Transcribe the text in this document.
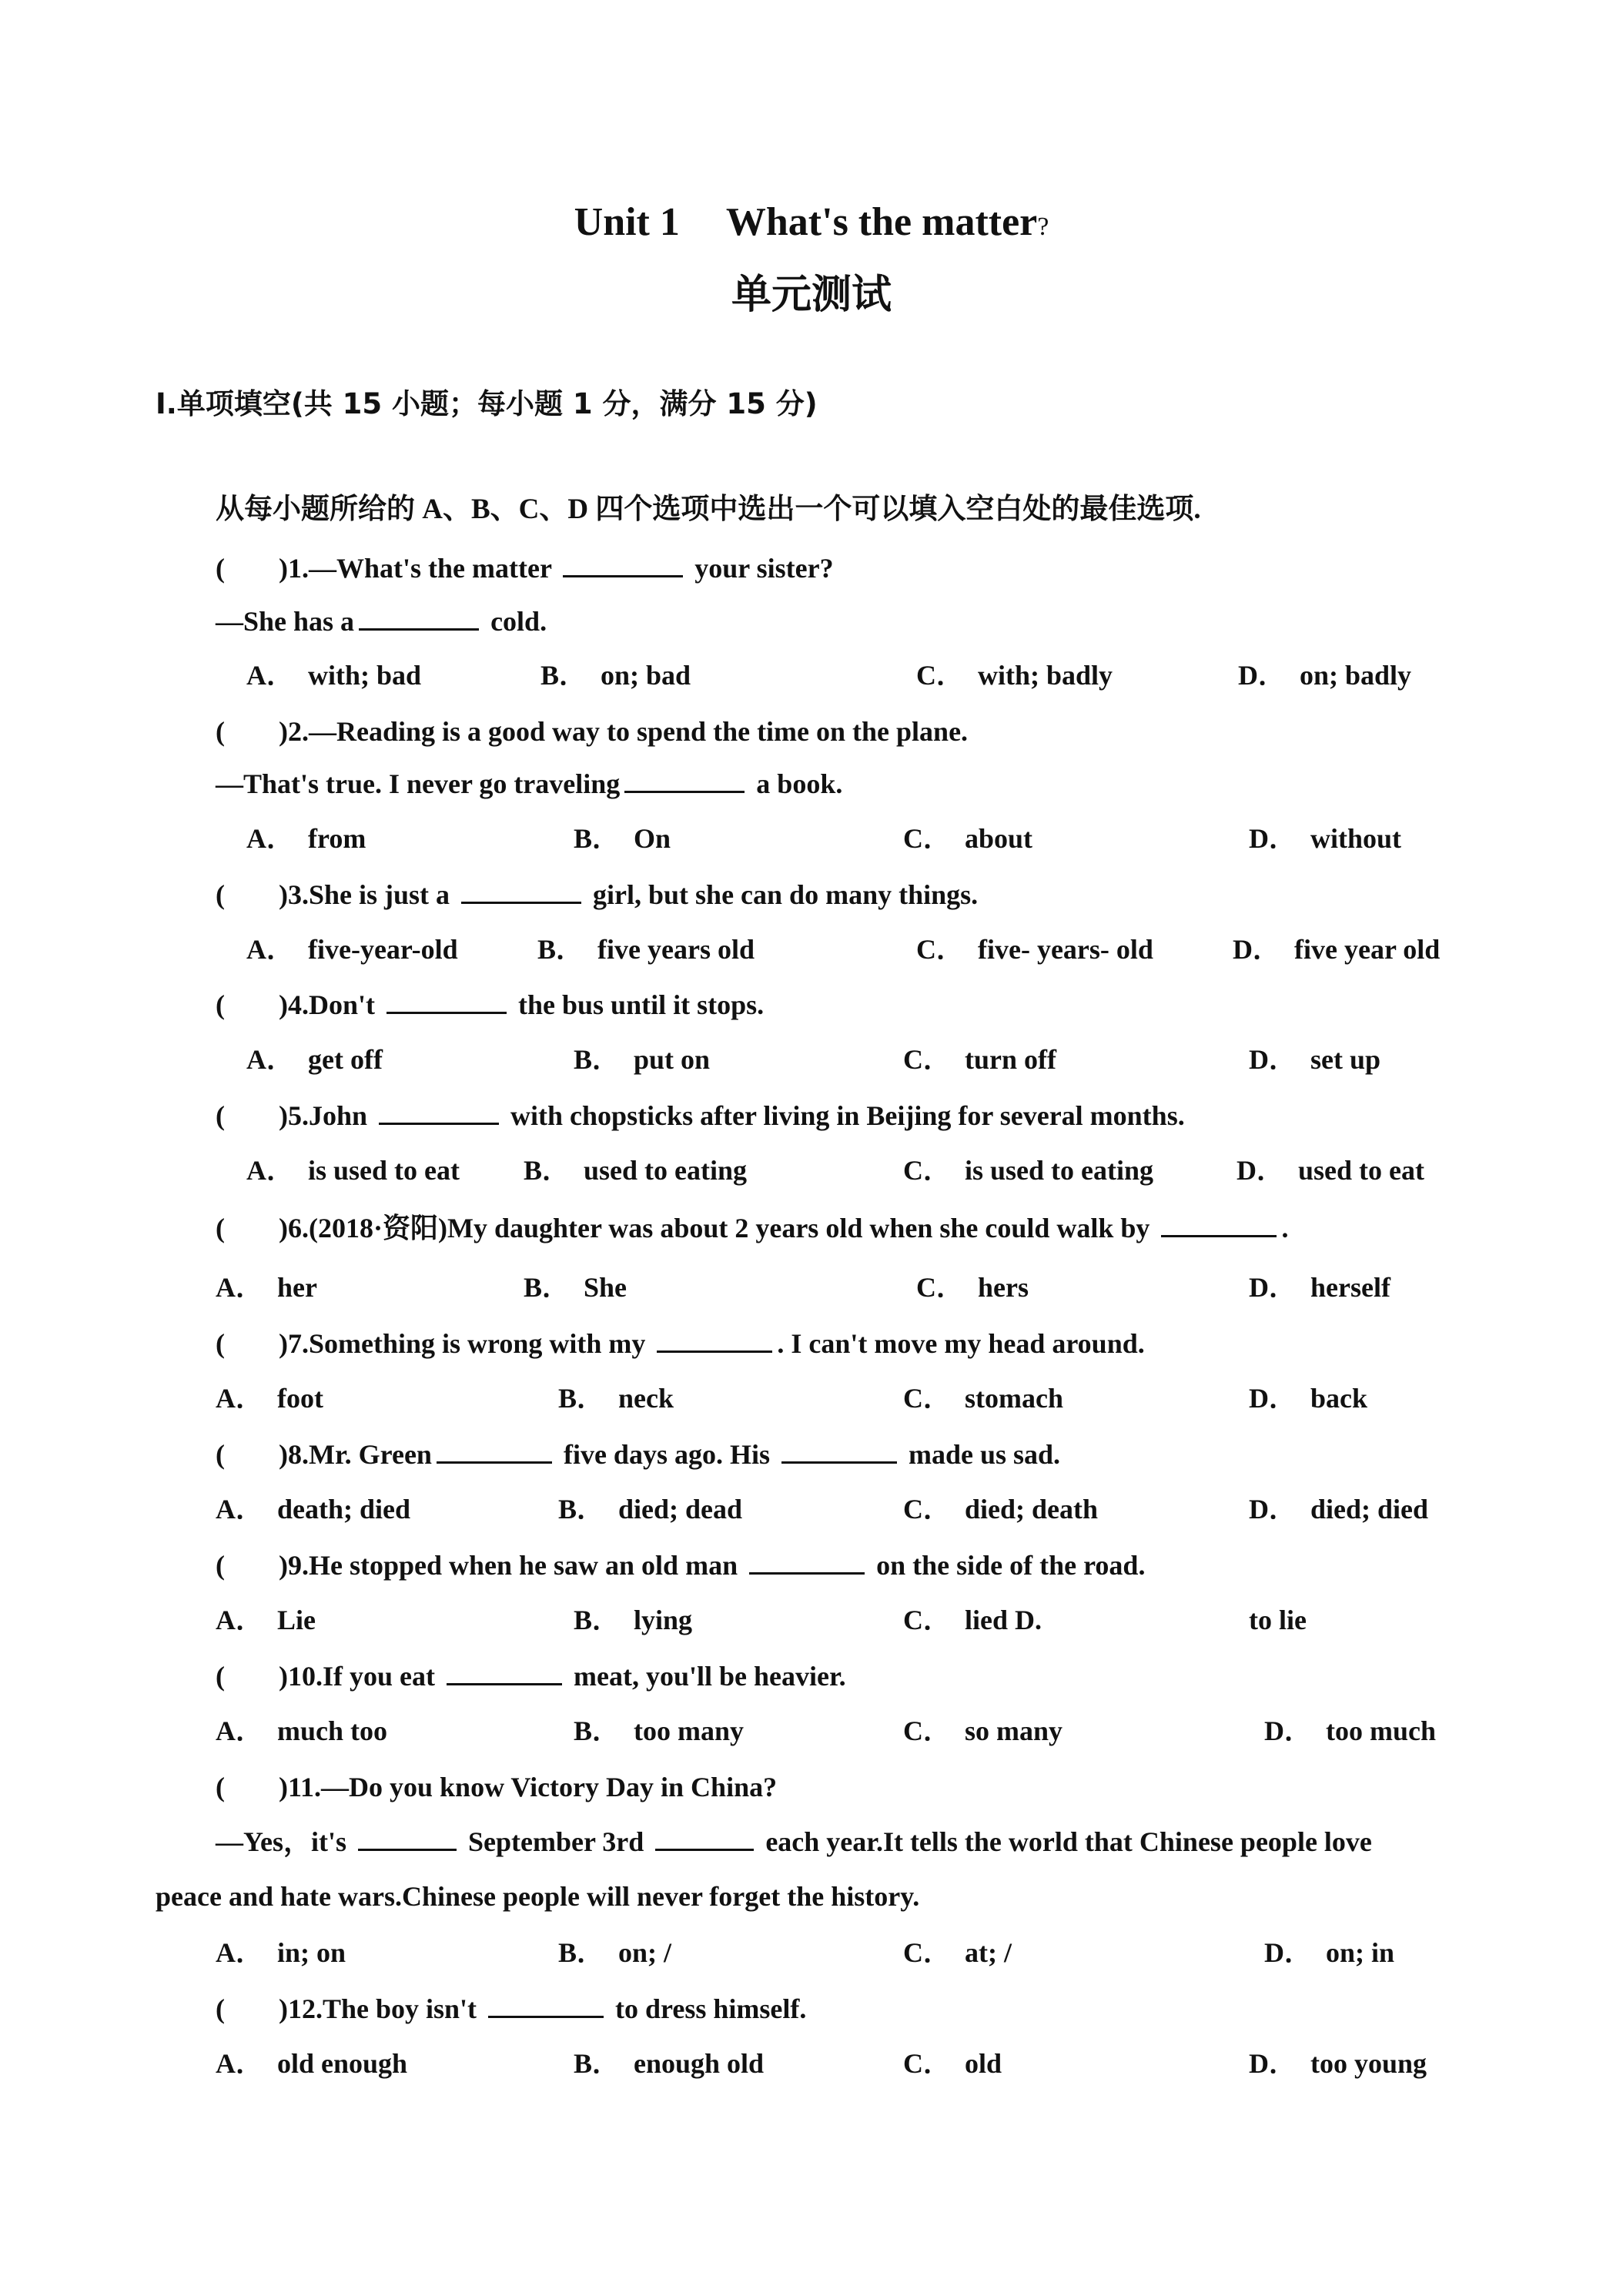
Unit 1 What's the matter?
单元测试
I.单项填空(共 15 小题；每小题 1 分，满分 15 分)
从每小题所给的 A、B、C、D 四个选项中选出一个可以填入空白处的最佳选项.
( )1.—What's the matter	your sister?
—She has a	cold.
A． with; bad	B． on; bad	C． with; badly	D． on; badly
( )2.—Reading is a good way to spend the time on the plane.
—That's true. I never go traveling	a book.
A． from	B． On	C． about	D． without
( )3.She is just a	girl, but she can do many things.
A． five-year-old	B． five years old	C． five- years- old	D． five year old
( )4.Don't	the bus until it stops.
A． get off	B． put on	C． turn off	D． set up
( )5.John	with chopsticks after living in Beijing for several months.
A． is used to eat B． used to eating	C． is used to eating	D． used to eat
( )6.(2018·资阳)My daughter was about 2 years old when she could walk by	.
A． her	B． She	C． hers	D． herself
( )7.Something is wrong with my	. I can't move my head around.
A． foot	B． neck	C． stomach	D． back
( )8.Mr. Green	five days ago. His	made us sad.
A． death; died	B． died; dead	C． died; death	D． died; died
( )9.He stopped when he saw an old man	on the side of the road.
A． Lie	B． lying	C． lied D.	to lie
( )10.If you eat	meat, you'll be heavier.
A． much too	B． too many	C． so many	D． too much
( )11.—Do you know Victory Day in China?
—Yes，it's	September 3rd	each year.It tells the world that Chinese people love
peace and hate wars.Chinese people will never forget the history.
A． in; on	B． on; /	C． at; /	D． on; in
( )12.The boy isn't	to dress himself.
A． old enough	B． enough old	C． old	D． too young
